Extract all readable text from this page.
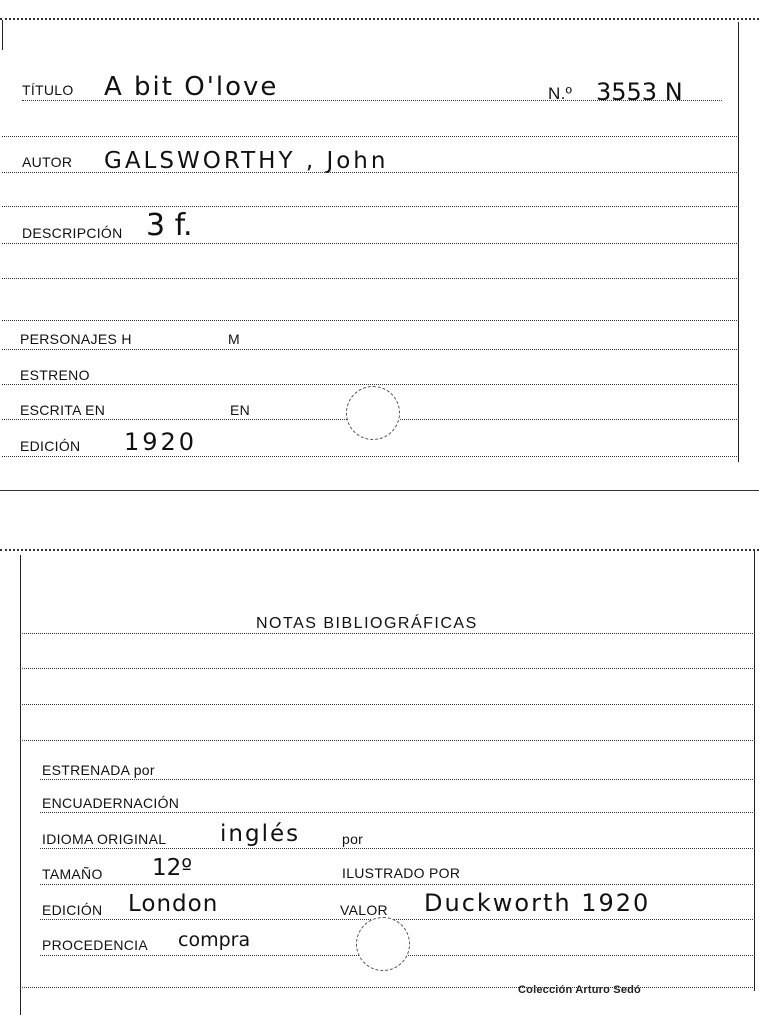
TÍTULO A bit O'love	N.º 3553 N
AUTOR GALSWORTHY , John
DESCRIPCIÓN 3 f.
PERSONAJES H	M
ESTRENO
ESCRITA EN	EN
EDICIÓN 1920
NOTAS BIBLIOGRÁFICAS
ESTRENADA por
ENCUADERNACIÓN
IDIOMA ORIGINAL inglés	por
TAMAÑO 12º	ILUSTRADO POR
EDICIÓN London	VALOR Duckworth 1920
PROCEDENCIA compra
Colección Arturo Sedó
